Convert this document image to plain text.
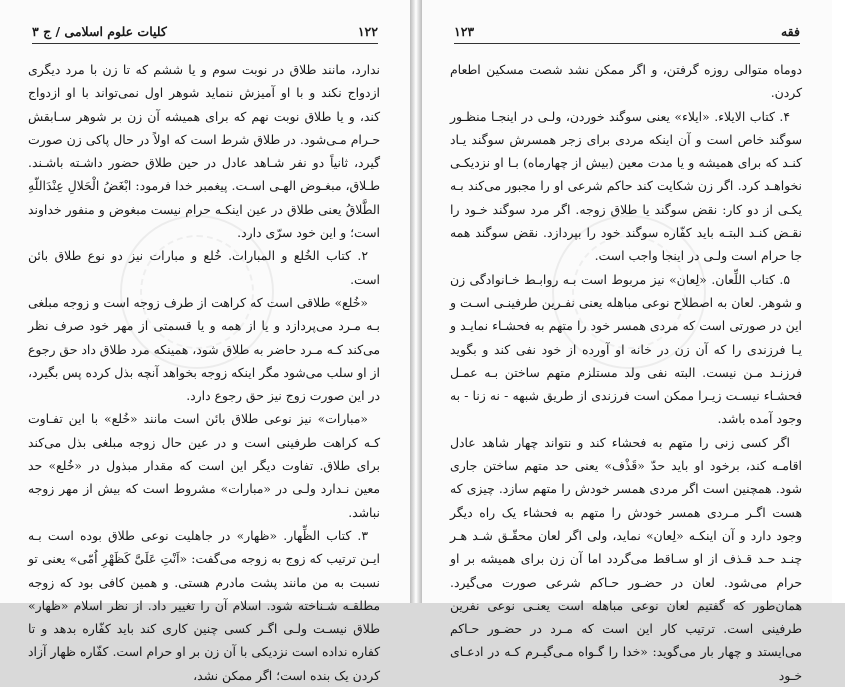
۱۲۲
کلیات علوم اسلامی / ج ۳

ندارد، مانند طلاق در نوبت سوم و یا ششم که تا زن با مرد دیگری ازدواج نکند و با او آمیزش ننماید شوهر اول نمی‌تواند با او ازدواج کند، و یا طلاق نوبت نهم که برای همیشه آن زن بر شوهر سـابقش حـرام مـی‌شود. در طلاق شرط است که اولاً در حال پاکی زن صورت گیرد، ثانیاً دو نفر شـاهد عادل در حین طلاق حضور داشـته باشـند. طـلاق، مبغـوض الهـی اسـت. پیغمبر خدا فرمود: ابْغَضُ الْحَلالِ عِنْدَاللّهِ الطَّلاقُ یعنی طلاق در عین اینکـه حرام نیست مبغوض و منفور خداوند است؛ و این خود سرّی دارد.

۲. کتاب الخُلع و المبارات. خُلع و مبارات نیز دو نوع طلاق بائن است.

«خُلع» طلاقی است که کراهت از طرف زوجه است و زوجه مبلغی بـه مـرد می‌پردازد و یا از همه و یا قسمتی از مهر خود صرف نظر می‌کند کـه مـرد حاضر به طلاق شود، همینکه مرد طلاق داد حق رجوع از او سلب می‌شود مگر اینکه زوجه بخواهد آنچه بذل کرده پس بگیرد، در این صورت زوج نیز حق رجوع دارد.

«مبارات» نیز نوعی طلاق بائن است مانند «خُلع» با این تفـاوت کـه کراهت طرفینی است و در عین حال زوجه مبلغی بذل می‌کند برای طلاق. تفاوت دیگر این است که مقدار مبذول در «خُلع» حد معین نـدارد ولـی در «مبارات» مشروط است که بیش از مهر زوجه نباشد.

۳. کتاب الظِّهار. «ظهار» در جاهلیت نوعی طلاق بوده است بـه ایـن ترتیب که زوج به زوجه می‌گفت: «اَنْتِ عَلَیَّ کَظَهْرِ اُمّی» یعنی تو نسبت به من مانند پشت مادرم هستی. و همین کافی بود که زوجه مطلقـه شـناخته شود. اسلام آن را تغییر داد. از نظر اسلام «ظهار» طلاق نیسـت ولـی اگـر کسی چنین کاری کند باید کفّاره بدهد و تا کفاره نداده است نزدیکی با آن زن بر او حرام است. کفّاره ظهار آزاد کردن یک بنده است؛ اگر ممکن نشد،

فقه
۱۲۳

دوماه متوالی روزه گرفتن، و اگر ممکن نشد شصت مسکین اطعام کردن.

۴. کتاب الایلاء. «ایلاء» یعنی سوگند خوردن، ولـی در اینجـا منظـور سوگند خاص است و آن اینکه مردی برای زجر همسرش سوگند یـاد کنـد که برای همیشه و یا مدت معین (بیش از چهارماه) بـا او نزدیکـی نخواهـد کرد. اگر زن شکایت کند حاکم شرعی او را مجبور می‌کند بـه یکـی از دو کار: نقض سوگند یا طلاق زوجه. اگر مرد سوگند خـود را نقـض کنـد البتـه باید کفّاره سوگند خود را بپردازد. نقض سوگند همه جا حرام است ولـی در اینجا واجب است.

۵. کتاب اللِّعان. «لِعان» نیز مربوط است بـه روابـط خـانوادگی زن و شوهر. لعان به اصطلاح نوعی مباهله یعنی نفـرین طرفینـی اسـت و این در صورتی است که مردی همسر خود را متهم به فحشـاء نمایـد و یـا فرزندی را که آن زن در خانه او آورده از خود نفی کند و بگوید فرزنـد مـن نیست. البته نفی ولد مستلزم متهم ساختن بـه عمـل فحشـاء نیسـت زیـرا ممکن است فرزندی از طریق شبهه - نه زنا - به وجود آمده باشد.

اگر کسی زنی را متهم به فحشاء کند و نتواند چهار شاهد عادل اقامـه کند، برخود او باید حدّ «قَذْف» یعنی حد متهم ساختن جاری شود. همچنین است اگر مردی همسر خودش را متهم سازد. چیزی که هست اگـر مـردی همسر خودش را متهم به فحشاء یک راه دیگر وجود دارد و آن اینکـه «لِعان» نماید، ولی اگر لعان محقّـق شـد هـر چنـد حـد قـذف از او سـاقط می‌گردد اما آن زن برای همیشه بر او حرام می‌شود. لعان در حضـور حـاکم شرعی صورت می‌گیرد. همان‌طور که گفتیم لعان نوعی مباهله است یعنـی نوعی نفرین طرفینی است. ترتیب کار این است که مـرد در حضـور حـاکم می‌ایستد و چهار بار می‌گوید: «خدا را گـواه مـی‌گیـرم کـه در ادعـای خـود
